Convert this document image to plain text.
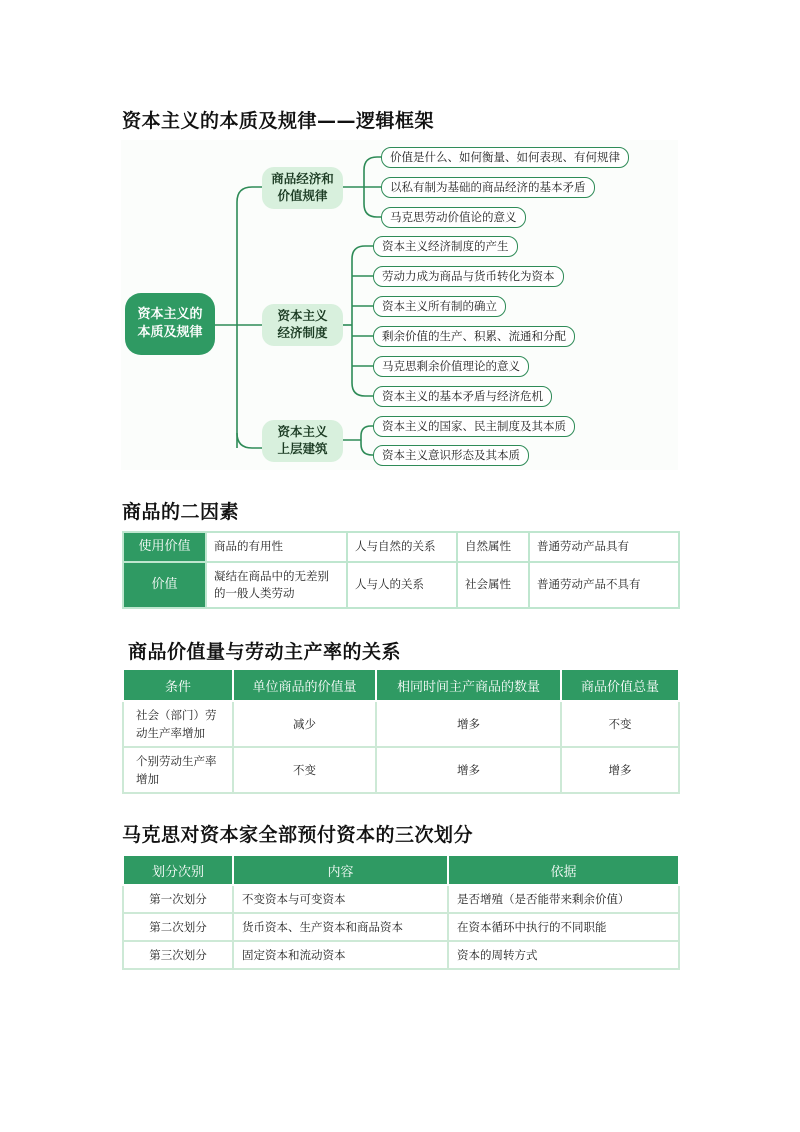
资本主义的本质及规律——逻辑框架
资本主义的
本质及规律
商品经济和
价值规律
资本主义
经济制度
资本主义
上层建筑
价值是什么、如何衡量、如何表现、有何规律
以私有制为基础的商品经济的基本矛盾
马克思劳动价值论的意义
资本主义经济制度的产生
劳动力成为商品与货币转化为资本
资本主义所有制的确立
剩余价值的生产、积累、流通和分配
马克思剩余价值理论的意义
资本主义的基本矛盾与经济危机
资本主义的国家、民主制度及其本质
资本主义意识形态及其本质
商品的二因素
使用价值	商品的有用性	人与自然的关系	自然属性	普通劳动产品具有
价值	凝结在商品中的无差别的一般人类劳动	人与人的关系	社会属性	普通劳动产品不具有
商品价值量与劳动主产率的关系
条件	单位商品的价值量	相同时间主产商品的数量	商品价值总量
社会（部门）劳动生产率增加	减少	增多	不变
个别劳动生产率增加	不变	增多	增多
马克思对资本家全部预付资本的三次划分
划分次别	内容	依据
第一次划分	不变资本与可变资本	是否增殖（是否能带来剩余价值）
第二次划分	货币资本、生产资本和商品资本	在资本循环中执行的不同职能
第三次划分	固定资本和流动资本	资本的周转方式
